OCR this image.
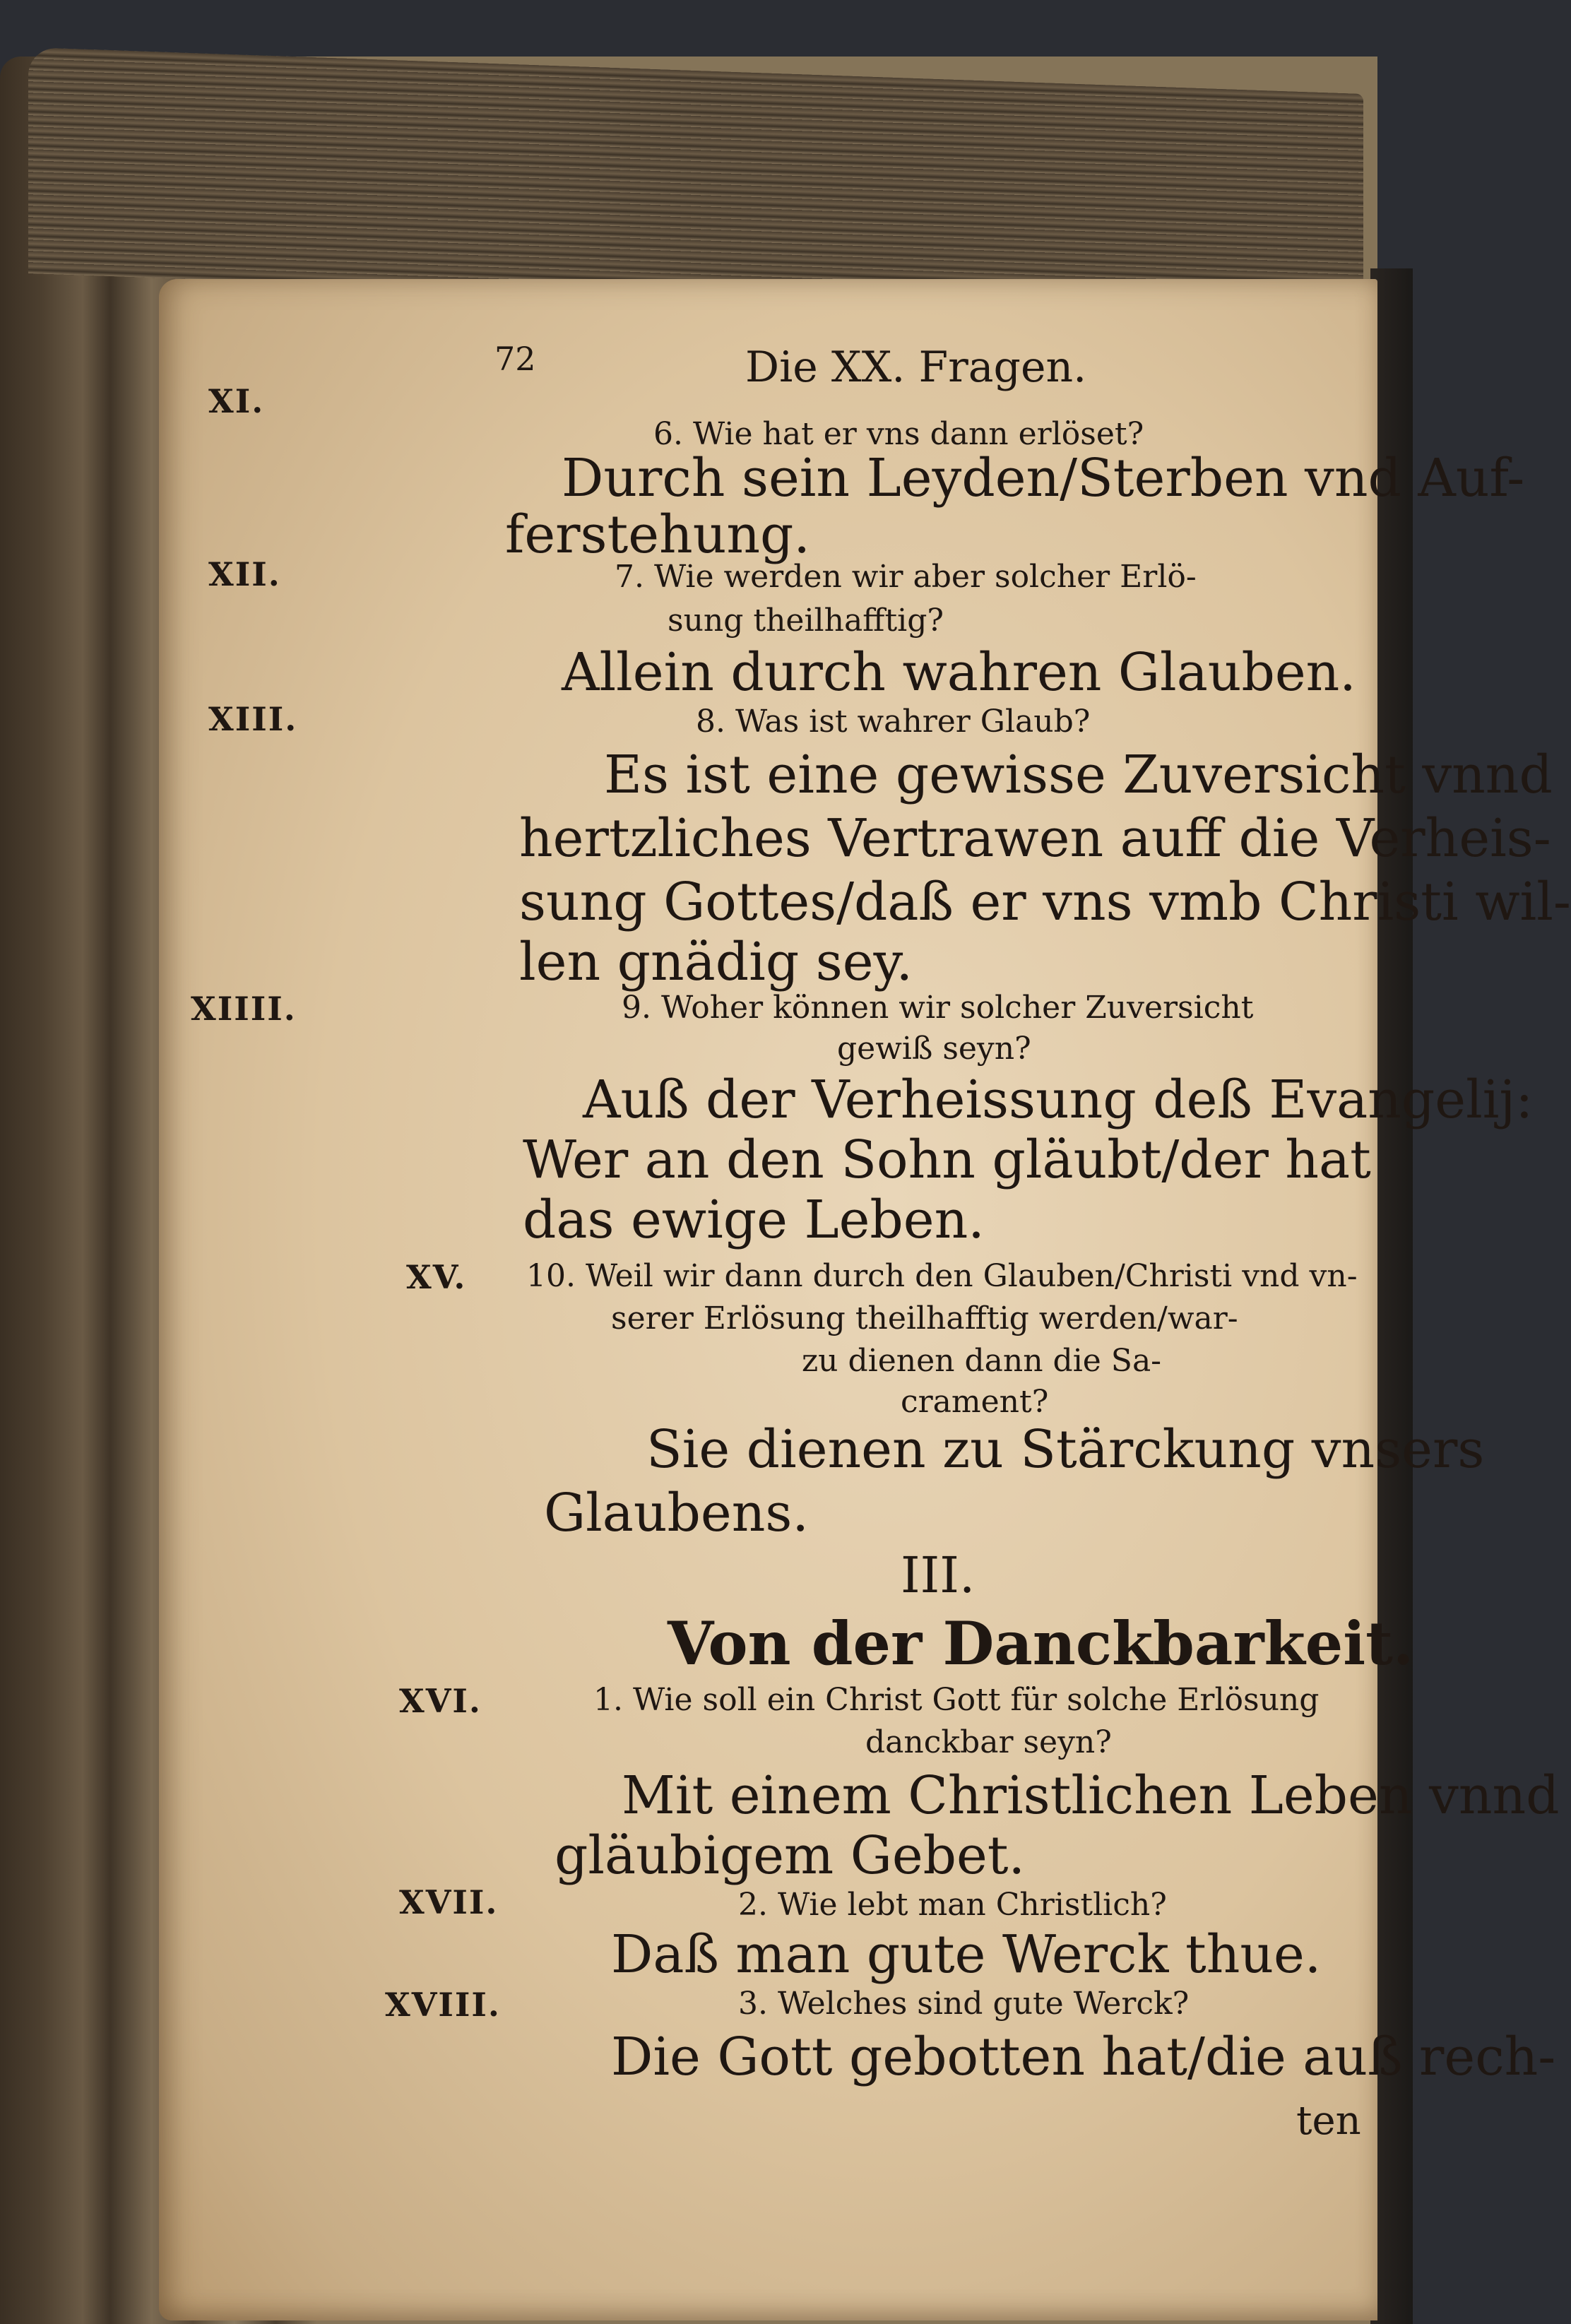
72	Die XX. Fragen.
XI.
6. Wie hat er vns dann erlöset?
Durch sein Leyden/Sterben vnd Auf-
ferstehung.
XII.	7. Wie werden wir aber solcher Erlö-
sung theilhafftig?
Allein durch wahren Glauben.
XIII.	8. Was ist wahrer Glaub?
Es ist eine gewisse Zuversicht vnnd
hertzliches Vertrawen auff die Verheis-
sung Gottes/daß er vns vmb Christi wil-
len gnädig sey.
XIIII.	9. Woher können wir solcher Zuversicht
gewiß seyn?
Auß der Verheissung deß Evangelij:
Wer an den Sohn gläubt/der hat
das ewige Leben.
XV. 10. Weil wir dann durch den Glauben/Christi vnd vn-
serer Erlösung theilhafftig werden/war-
zu dienen dann die Sa-
crament?
Sie dienen zu Stärckung vnsers
Glaubens.
III.
Von der Danckbarkeit.
XVI.	1. Wie soll ein Christ Gott für solche Erlösung
danckbar seyn?
Mit einem Christlichen Leben vnnd
gläubigem Gebet.
XVII.	2. Wie lebt man Christlich?
Daß man gute Werck thue.
XVIII.	3. Welches sind gute Werck?
Die Gott gebotten hat/die auß rech-
ten
